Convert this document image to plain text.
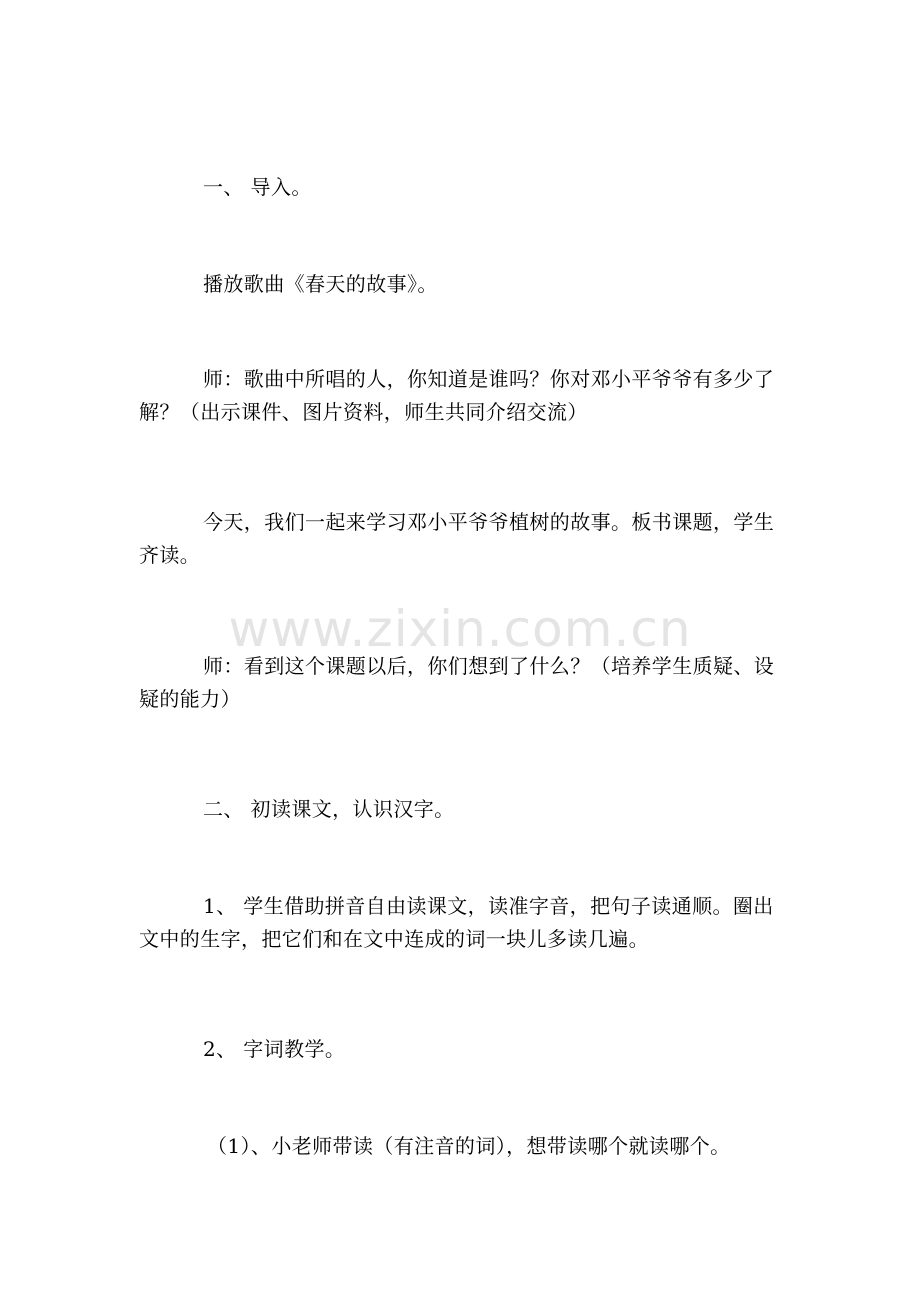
一、 导入。
播放歌曲《春天的故事》。
师：歌曲中所唱的人，你知道是谁吗？你对邓小平爷爷有多少了解？（出示课件、图片资料，师生共同介绍交流）
今天，我们一起来学习邓小平爷爷植树的故事。板书课题，学生齐读。
师：看到这个课题以后，你们想到了什么？（培养学生质疑、设疑的能力）
二、 初读课文，认识汉字。
1、 学生借助拼音自由读课文，读准字音，把句子读通顺。圈出文中的生字，把它们和在文中连成的词一块儿多读几遍。
2、 字词教学。
（1）、小老师带读（有注音的词），想带读哪个就读哪个。
www.zixin.com.cn
